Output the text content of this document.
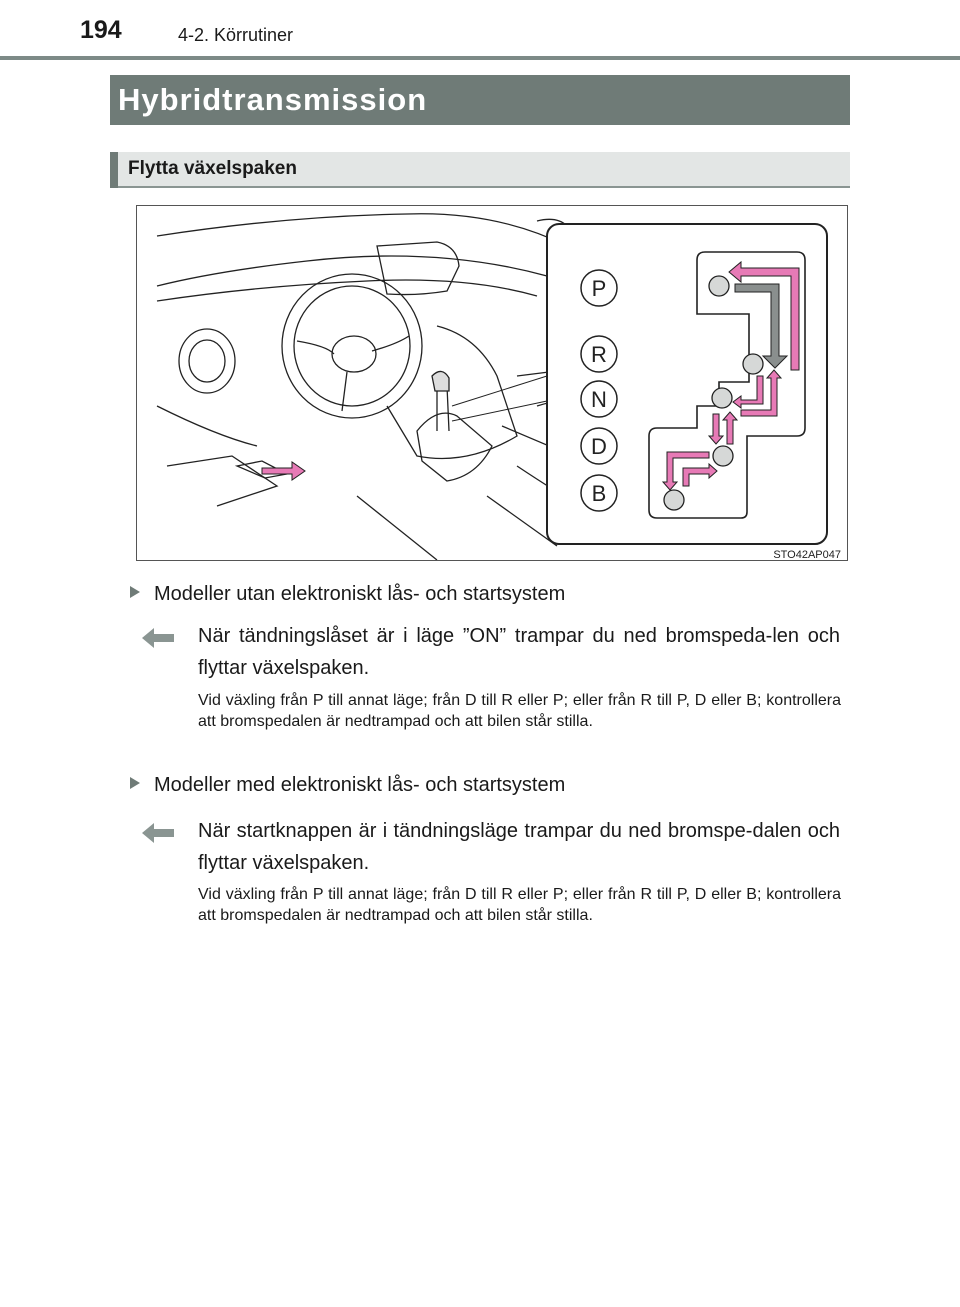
194	4-2. Körrutiner
Hybridtransmission
Flytta växelspaken
P
R
N
D
B
STO42AP047
Modeller utan elektroniskt lås- och startsystem
När tändningslåset är i läge ”ON” trampar du ned bromspeda-len och flyttar växelspaken.
Vid växling från P till annat läge; från D till R eller P; eller från R till P, D eller B; kontrollera att bromspedalen är nedtrampad och att bilen står stilla.
Modeller med elektroniskt lås- och startsystem
När startknappen är i tändningsläge trampar du ned bromspe-dalen och flyttar växelspaken.
Vid växling från P till annat läge; från D till R eller P; eller från R till P, D eller B; kontrollera att bromspedalen är nedtrampad och att bilen står stilla.
